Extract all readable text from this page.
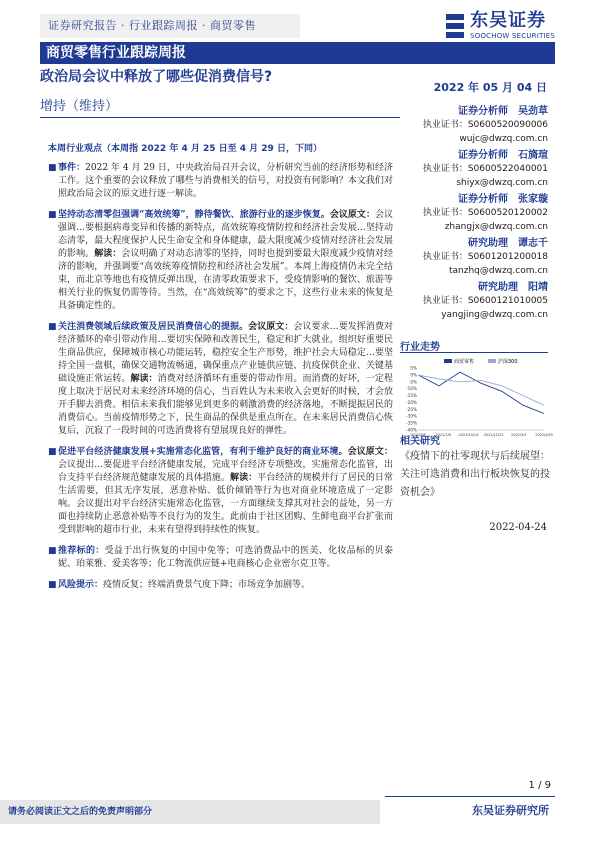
证券研究报告 · 行业跟踪周报 · 商贸零售	东吴证券
SOOCHOW SECURITIES
商贸零售行业跟踪周报
政治局会议中释放了哪些促消费信号?
2022 年 05 月 04 日
增持（维持）	证券分析师　吴劲草
执业证书：S0600520090006
wujc@dwzq.com.cn
证券分析师　石旖瑄
执业证书：S0600522040001
shiyx@dwzq.com.cn
证券分析师　张家璇
执业证书：S0600520120002
zhangjx@dwzq.com.cn
研究助理　谭志千
执业证书：S0601201200018
tanzhq@dwzq.com.cn
研究助理　阳靖
执业证书：S0600121010005
yangjing@dwzq.com.cn
本周行业观点（本周指 2022 年 4 月 25 日至 4 月 29 日，下同）
■ 事件：2022 年 4 月 29 日，中央政治局召开会议，分析研究当前的经济形势和经济工作。这个重要的会议释放了哪些与消费相关的信号，对投资有何影响？本文我们对照政治局会议的原文进行逐一解读。
■ 坚持动态清零但强调“高效统筹”，静待餐饮、旅游行业的逐步恢复。会议原文：会议强调…要根据病毒变异和传播的新特点，高效统筹疫情防控和经济社会发展…坚持动态清零，最大程度保护人民生命安全和身体健康，最大限度减少疫情对经济社会发展的影响。解读：会议明确了对动态清零的坚持，同时也提到要最大限度减少疫情对经济的影响，并强调要“高效统筹疫情防控和经济社会发展”。本周上海疫情仍未完全结束，而北京等地也有疫情反弹出现，在清零政策要求下，受疫情影响的餐饮、旅游等相关行业的恢复仍需等待。当然，在“高效统筹”的要求之下，这些行业未来的恢复是具备确定性的。
■ 关注消费领域后续政策及居民消费信心的提振。会议原文：会议要求…要发挥消费对经济循环的牵引带动作用…要切实保障和改善民生，稳定和扩大就业，组织好重要民生商品供应，保障城市核心功能运转，稳控安全生产形势，维护社会大局稳定…要坚持全国一盘棋，确保交通物流畅通，确保重点产业链供应链、抗疫保供企业、关键基础设施正常运转。解读：消费对经济循环有重要的带动作用。而消费的好坏，一定程度上取决于居民对未来经济环境的信心，当百姓认为未来收入会更好的时候，才会放开手脚去消费。相信未来我们能够见到更多的刺激消费的经济落地，不断提振居民的消费信心。当前疫情形势之下，民生商品的保供是重点所在。在未来居民消费信心恢复后，沉寂了一段时间的可选消费将有望展现良好的弹性。
■ 促进平台经济健康发展+实施常态化监管，有利于维护良好的商业环境。会议原文：会议提出…要促进平台经济健康发展，完成平台经济专项整改，实施常态化监管，出台支持平台经济规范健康发展的具体措施。解读：平台经济的规模并行了居民的日常生活需要，但其无序发展，恶意补贴、低价倾销等行为也对商业环境造成了一定影响。会议提出对平台经济实施常态化监管，一方面继续支撑其对社会的益处，另一方面也持续防止恶意补贴等不良行为的发生。此前由于社区团购、生鲜电商平台扩张而受到影响的超市行业，未来有望得到持续性的恢复。
■ 推荐标的：受益于出行恢复的中国中免等；可选消费品中的医美、化妆品标的贝泰妮、珀莱雅、爱美客等；化工物流供应链+电商核心企业密尔克卫等。
■ 风险提示：疫情反复；终端消费景气度下降；市场竞争加剧等。
行业走势
商贸零售	沪深300
5%
0%
-5%
-10%
-15%
-20%
-25%
-30%
-35%
-40%
2021/5/6	2021/7/6 2021/10/14 2021/12/23 2022/3/3	2022/4/29
相关研究
《疫情下的社零现状与后续展望：关注可选消费和出行板块恢复的投资机会》
2022-04-24
1 / 9
请务必阅读正文之后的免责声明部分	东吴证券研究所
